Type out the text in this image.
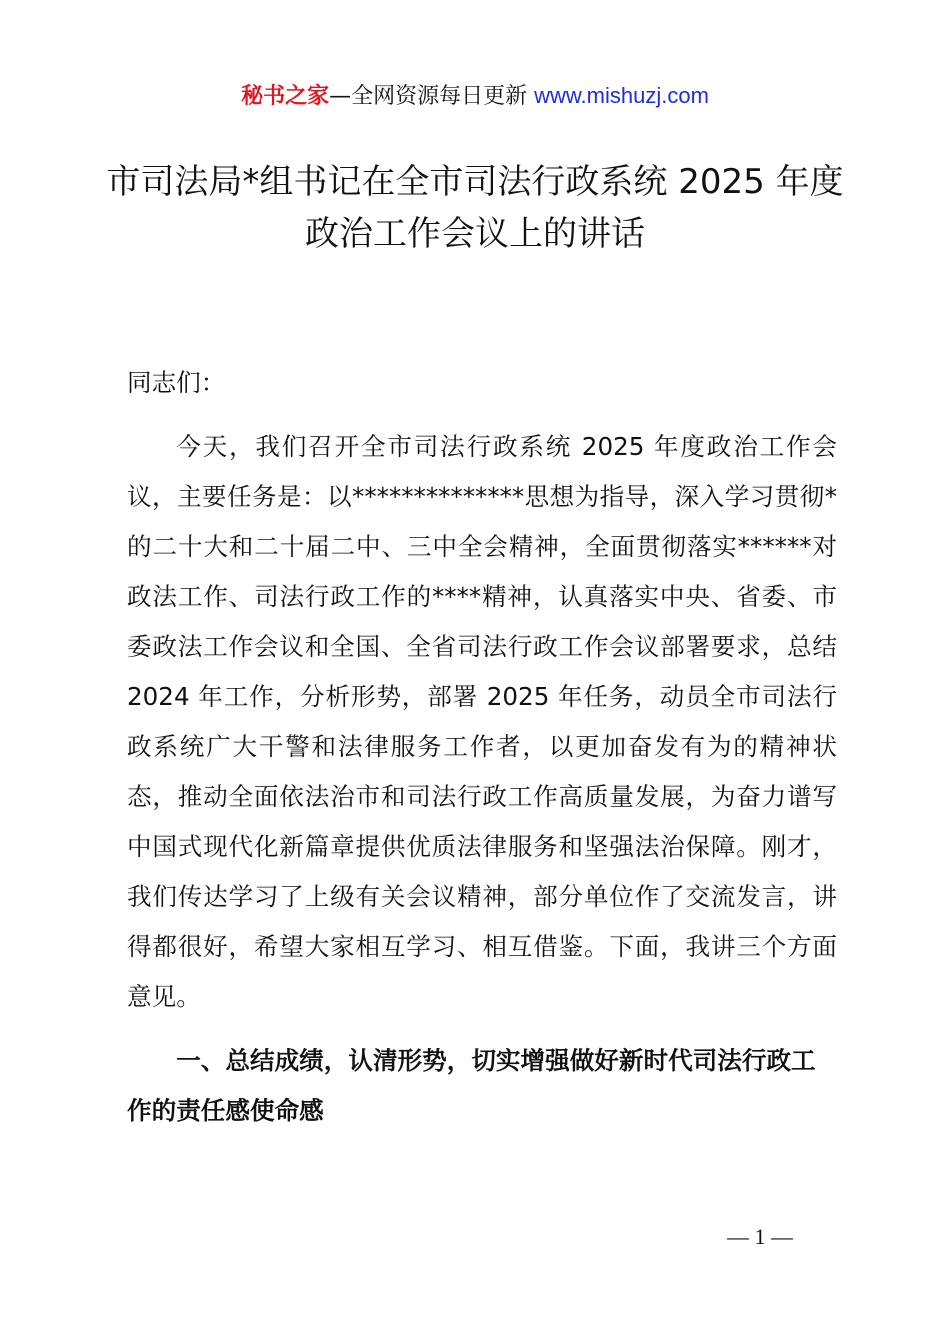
秘书之家—全网资源每日更新 www.mishuzj.com
市司法局*组书记在全市司法行政系统 2025 年度政治工作会议上的讲话

同志们：

今天，我们召开全市司法行政系统 2025 年度政治工作会议，主要任务是：以**************思想为指导，深入学习贯彻*的二十大和二十届二中、三中全会精神，全面贯彻落实******对政法工作、司法行政工作的****精神，认真落实中央、省委、市委政法工作会议和全国、全省司法行政工作会议部署要求，总结 2024 年工作，分析形势，部署 2025 年任务，动员全市司法行政系统广大干警和法律服务工作者，以更加奋发有为的精神状态，推动全面依法治市和司法行政工作高质量发展，为奋力谱写中国式现代化新篇章提供优质法律服务和坚强法治保障。刚才，我们传达学习了上级有关会议精神，部分单位作了交流发言，讲得都很好，希望大家相互学习、相互借鉴。下面，我讲三个方面意见。

一、总结成绩，认清形势，切实增强做好新时代司法行政工作的责任感使命感

— 1 —
